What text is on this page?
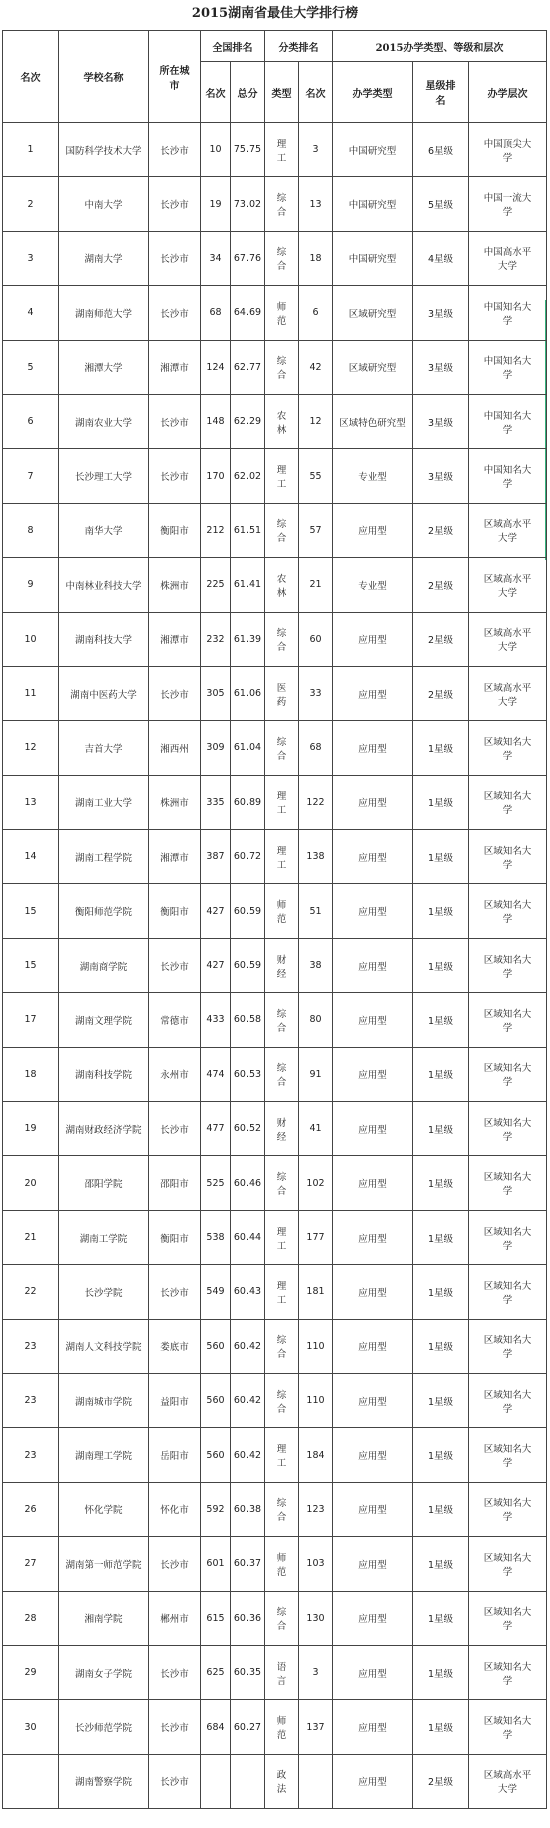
2015湖南省最佳大学排行榜
名次	学校名称	所在城市	全国排名		分类排名		2015办学类型、等级和层次		
			名次	总分	类型	名次	办学类型	星级排名	办学层次
1	国防科学技术大学	长沙市	10	75.75	理工	3	中国研究型	6星级	中国顶尖大学
2	中南大学	长沙市	19	73.02	综合	13	中国研究型	5星级	中国一流大学
3	湖南大学	长沙市	34	67.76	综合	18	中国研究型	4星级	中国高水平大学
4	湖南师范大学	长沙市	68	64.69	师范	6	区域研究型	3星级	中国知名大学
5	湘潭大学	湘潭市	124	62.77	综合	42	区域研究型	3星级	中国知名大学
6	湖南农业大学	长沙市	148	62.29	农林	12	区域特色研究型	3星级	中国知名大学
7	长沙理工大学	长沙市	170	62.02	理工	55	专业型	3星级	中国知名大学
8	南华大学	衡阳市	212	61.51	综合	57	应用型	2星级	区域高水平大学
9	中南林业科技大学	株洲市	225	61.41	农林	21	专业型	2星级	区域高水平大学
10	湖南科技大学	湘潭市	232	61.39	综合	60	应用型	2星级	区域高水平大学
11	湖南中医药大学	长沙市	305	61.06	医药	33	应用型	2星级	区域高水平大学
12	吉首大学	湘西州	309	61.04	综合	68	应用型	1星级	区域知名大学
13	湖南工业大学	株洲市	335	60.89	理工	122	应用型	1星级	区域知名大学
14	湖南工程学院	湘潭市	387	60.72	理工	138	应用型	1星级	区域知名大学
15	衡阳师范学院	衡阳市	427	60.59	师范	51	应用型	1星级	区域知名大学
15	湖南商学院	长沙市	427	60.59	财经	38	应用型	1星级	区域知名大学
17	湖南文理学院	常德市	433	60.58	综合	80	应用型	1星级	区域知名大学
18	湖南科技学院	永州市	474	60.53	综合	91	应用型	1星级	区域知名大学
19	湖南财政经济学院	长沙市	477	60.52	财经	41	应用型	1星级	区域知名大学
20	邵阳学院	邵阳市	525	60.46	综合	102	应用型	1星级	区域知名大学
21	湖南工学院	衡阳市	538	60.44	理工	177	应用型	1星级	区域知名大学
22	长沙学院	长沙市	549	60.43	理工	181	应用型	1星级	区域知名大学
23	湖南人文科技学院	娄底市	560	60.42	综合	110	应用型	1星级	区域知名大学
23	湖南城市学院	益阳市	560	60.42	综合	110	应用型	1星级	区域知名大学
23	湖南理工学院	岳阳市	560	60.42	理工	184	应用型	1星级	区域知名大学
26	怀化学院	怀化市	592	60.38	综合	123	应用型	1星级	区域知名大学
27	湖南第一师范学院	长沙市	601	60.37	师范	103	应用型	1星级	区域知名大学
28	湘南学院	郴州市	615	60.36	综合	130	应用型	1星级	区域知名大学
29	湖南女子学院	长沙市	625	60.35	语言	3	应用型	1星级	区域知名大学
30	长沙师范学院	长沙市	684	60.27	师范	137	应用型	1星级	区域知名大学
	湖南警察学院	长沙市			政法		应用型	2星级	区域高水平大学
